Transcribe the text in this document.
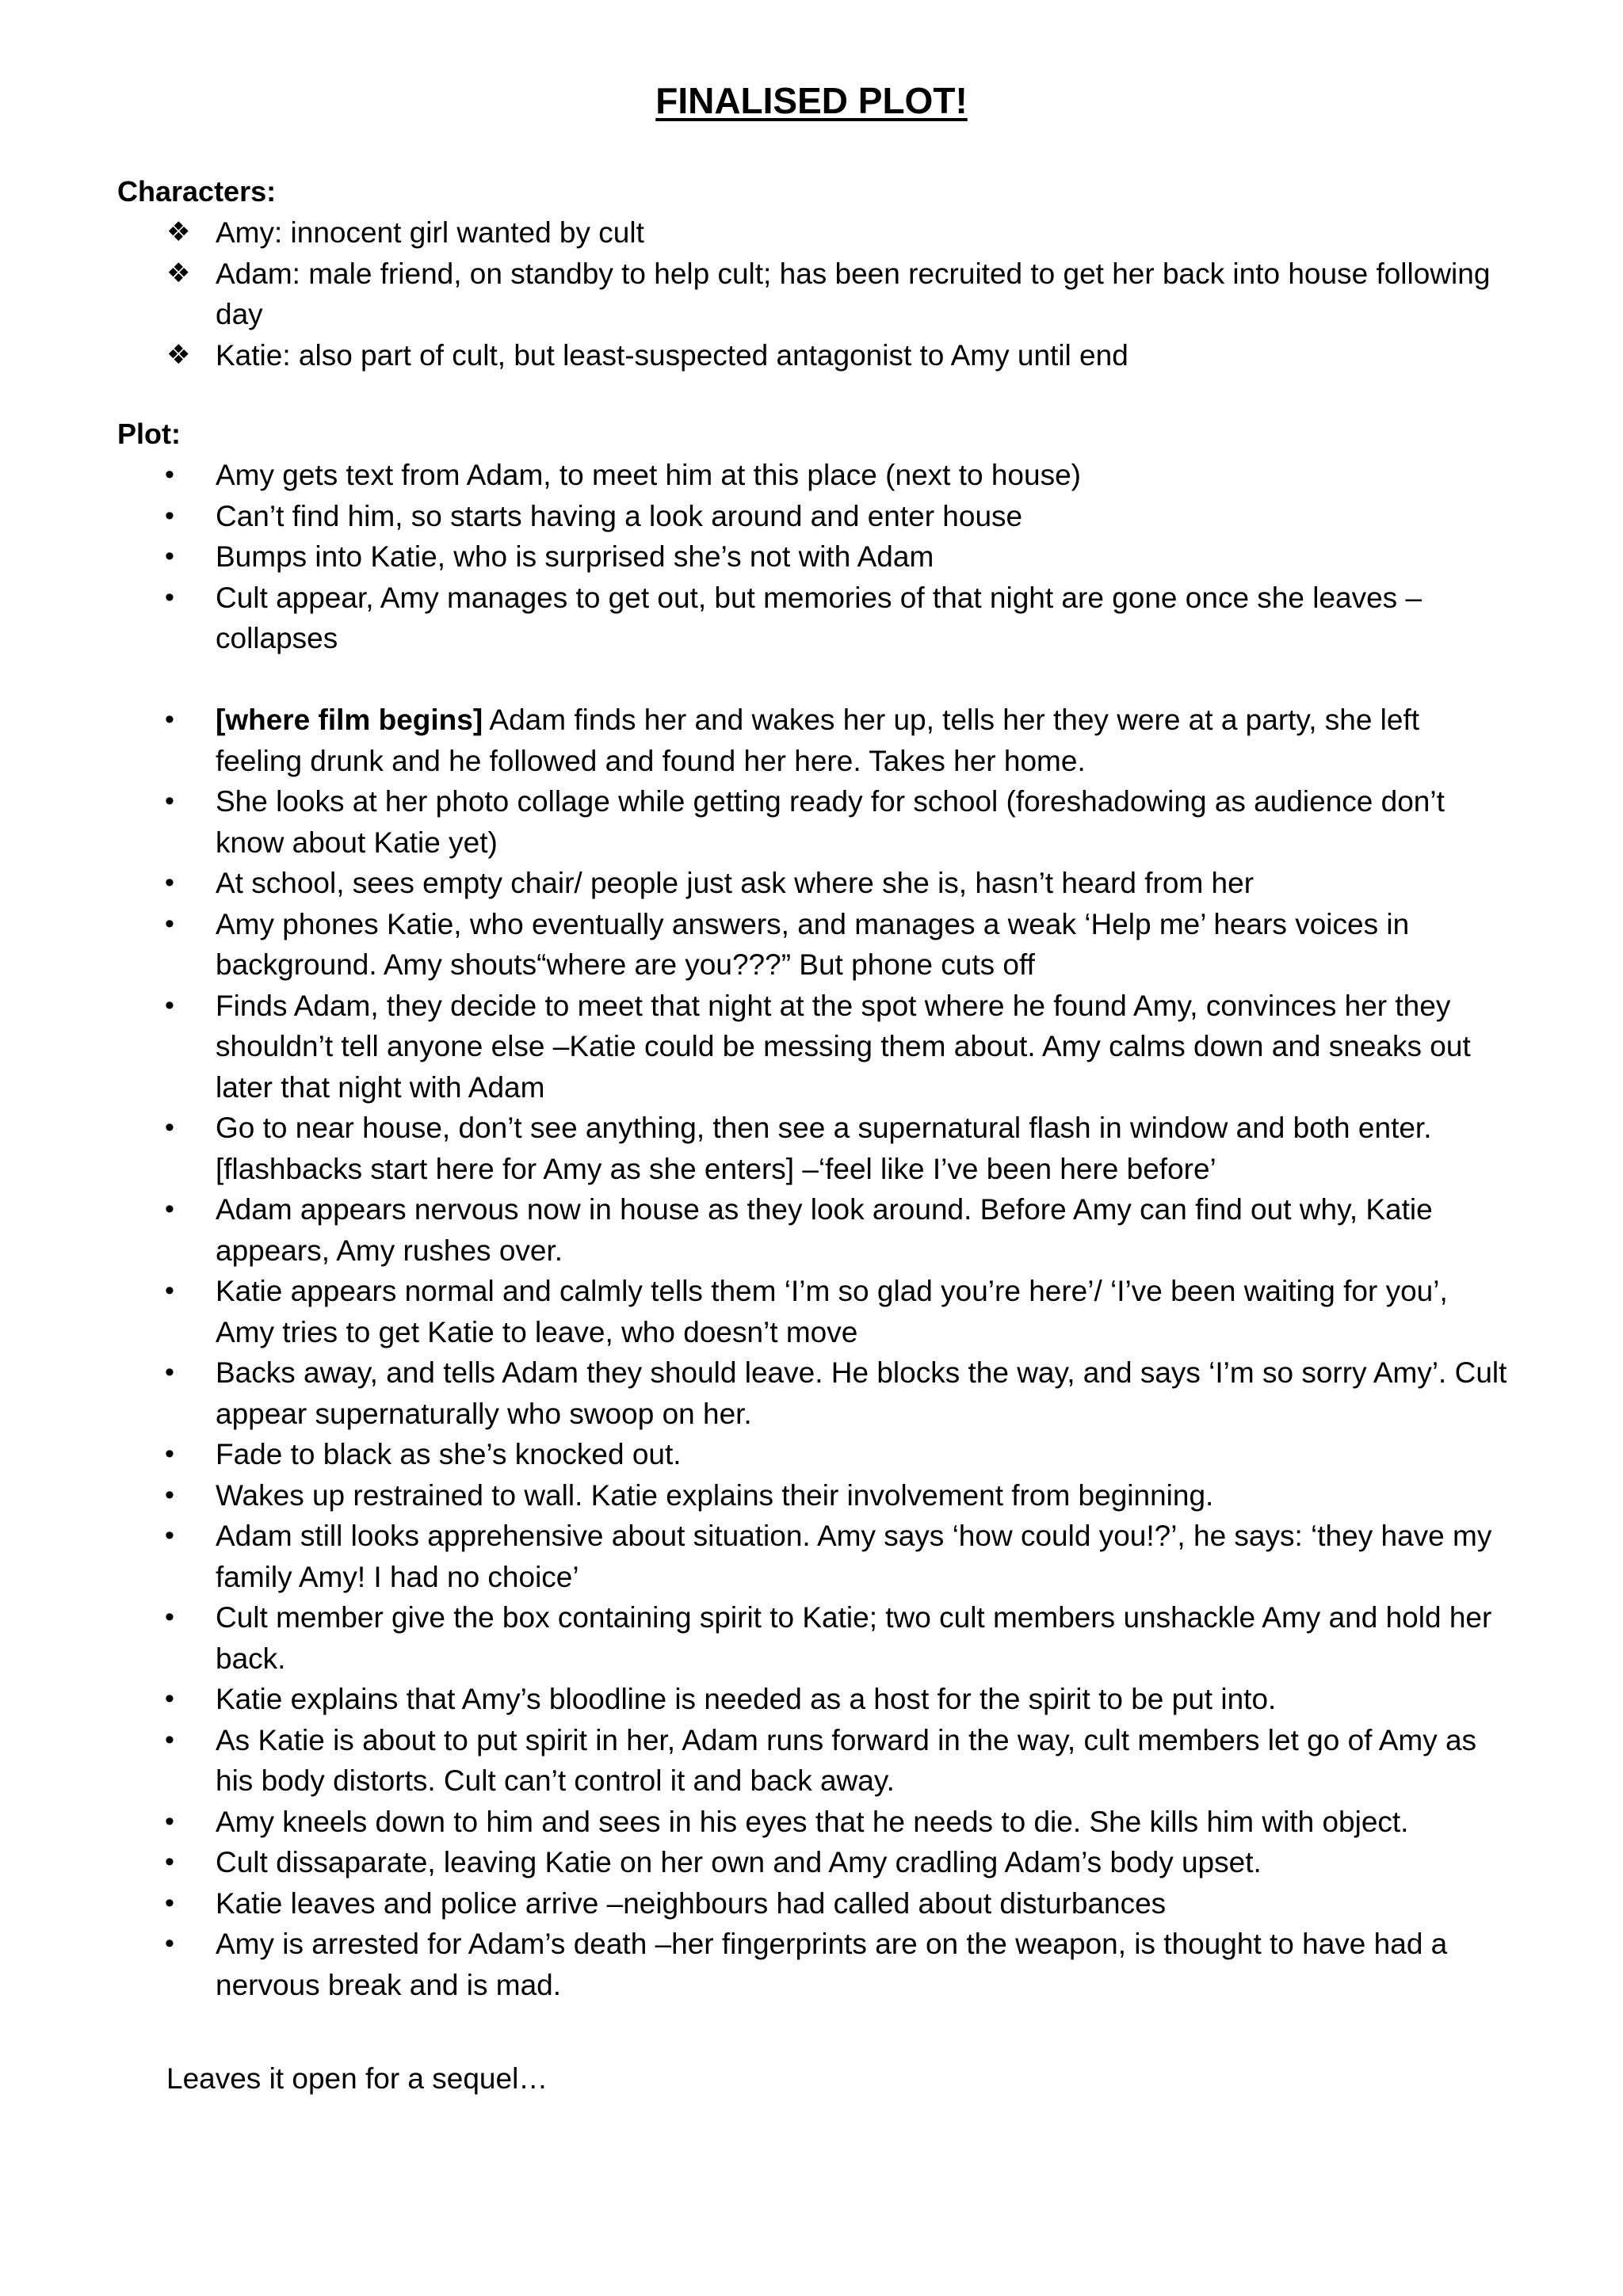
FINALISED PLOT!
Characters:
❖ Amy: innocent girl wanted by cult
❖ Adam: male friend, on standby to help cult; has been recruited to get her back into house following day
❖ Katie: also part of cult, but least-suspected antagonist to Amy until end
Plot:
• Amy gets text from Adam, to meet him at this place (next to house)
• Can’t find him, so starts having a look around and enter house
• Bumps into Katie, who is surprised she’s not with Adam
• Cult appear, Amy manages to get out, but memories of that night are gone once she leaves – collapses
• [where film begins] Adam finds her and wakes her up, tells her they were at a party, she left feeling drunk and he followed and found her here. Takes her home.
• She looks at her photo collage while getting ready for school (foreshadowing as audience don’t know about Katie yet)
• At school, sees empty chair/ people just ask where she is, hasn’t heard from her
• Amy phones Katie, who eventually answers, and manages a weak ‘Help me’ hears voices in background. Amy shouts“where are you???” But phone cuts off
• Finds Adam, they decide to meet that night at the spot where he found Amy, convinces her they shouldn’t tell anyone else –Katie could be messing them about. Amy calms down and sneaks out later that night with Adam
• Go to near house, don’t see anything, then see a supernatural flash in window and both enter. [flashbacks start here for Amy as she enters] –‘feel like I’ve been here before’
• Adam appears nervous now in house as they look around. Before Amy can find out why, Katie appears, Amy rushes over.
• Katie appears normal and calmly tells them ‘I’m so glad you’re here’/ ‘I’ve been waiting for you’, Amy tries to get Katie to leave, who doesn’t move
• Backs away, and tells Adam they should leave. He blocks the way, and says ‘I’m so sorry Amy’. Cult appear supernaturally who swoop on her.
• Fade to black as she’s knocked out.
• Wakes up restrained to wall. Katie explains their involvement from beginning.
• Adam still looks apprehensive about situation. Amy says ‘how could you!?’, he says: ‘they have my family Amy! I had no choice’
• Cult member give the box containing spirit to Katie; two cult members unshackle Amy and hold her back.
• Katie explains that Amy’s bloodline is needed as a host for the spirit to be put into.
• As Katie is about to put spirit in her, Adam runs forward in the way, cult members let go of Amy as his body distorts. Cult can’t control it and back away.
• Amy kneels down to him and sees in his eyes that he needs to die. She kills him with object.
• Cult dissaparate, leaving Katie on her own and Amy cradling Adam’s body upset.
• Katie leaves and police arrive –neighbours had called about disturbances
• Amy is arrested for Adam’s death –her fingerprints are on the weapon, is thought to have had a nervous break and is mad.
Leaves it open for a sequel…
